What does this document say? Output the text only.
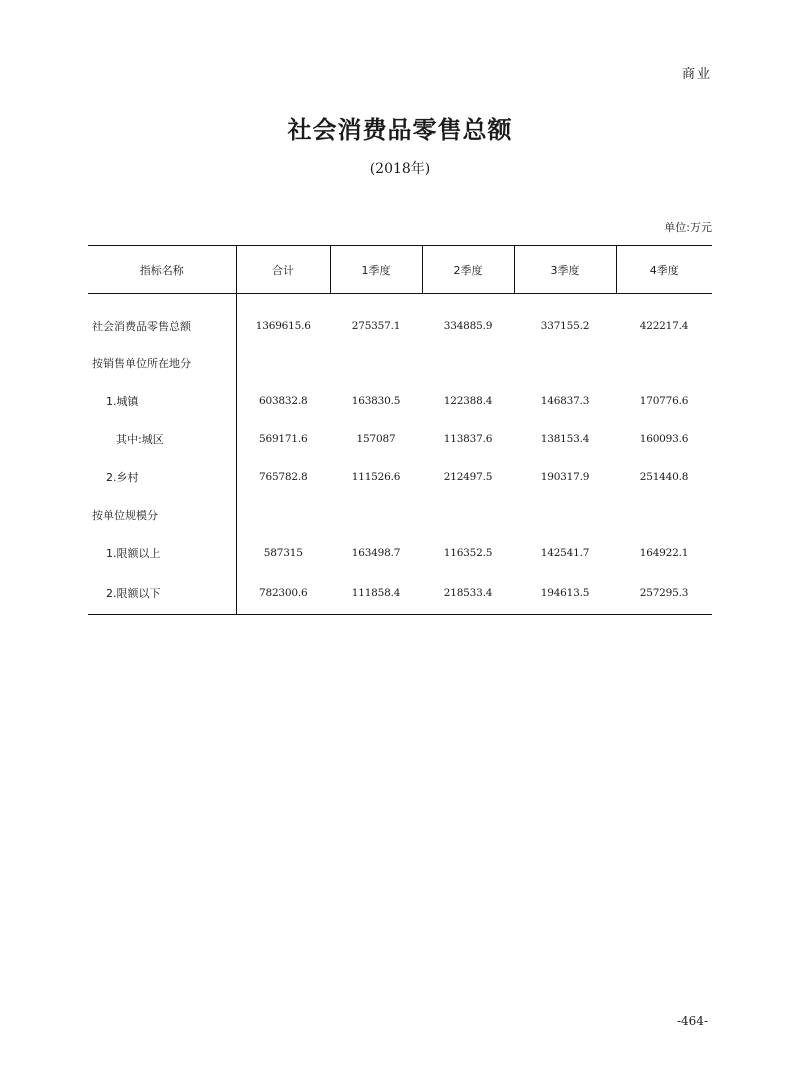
商业
社会消费品零售总额
(2018年)
单位:万元
指标名称	合计	1季度	2季度	3季度	4季度
社会消费品零售总额	1369615.6	275357.1	334885.9	337155.2	422217.4
按销售单位所在地分					
1.城镇	603832.8	163830.5	122388.4	146837.3	170776.6
其中:城区	569171.6	157087	113837.6	138153.4	160093.6
2.乡村	765782.8	111526.6	212497.5	190317.9	251440.8
按单位规模分					
1.限额以上	587315	163498.7	116352.5	142541.7	164922.1
2.限额以下	782300.6	111858.4	218533.4	194613.5	257295.3
-464-
